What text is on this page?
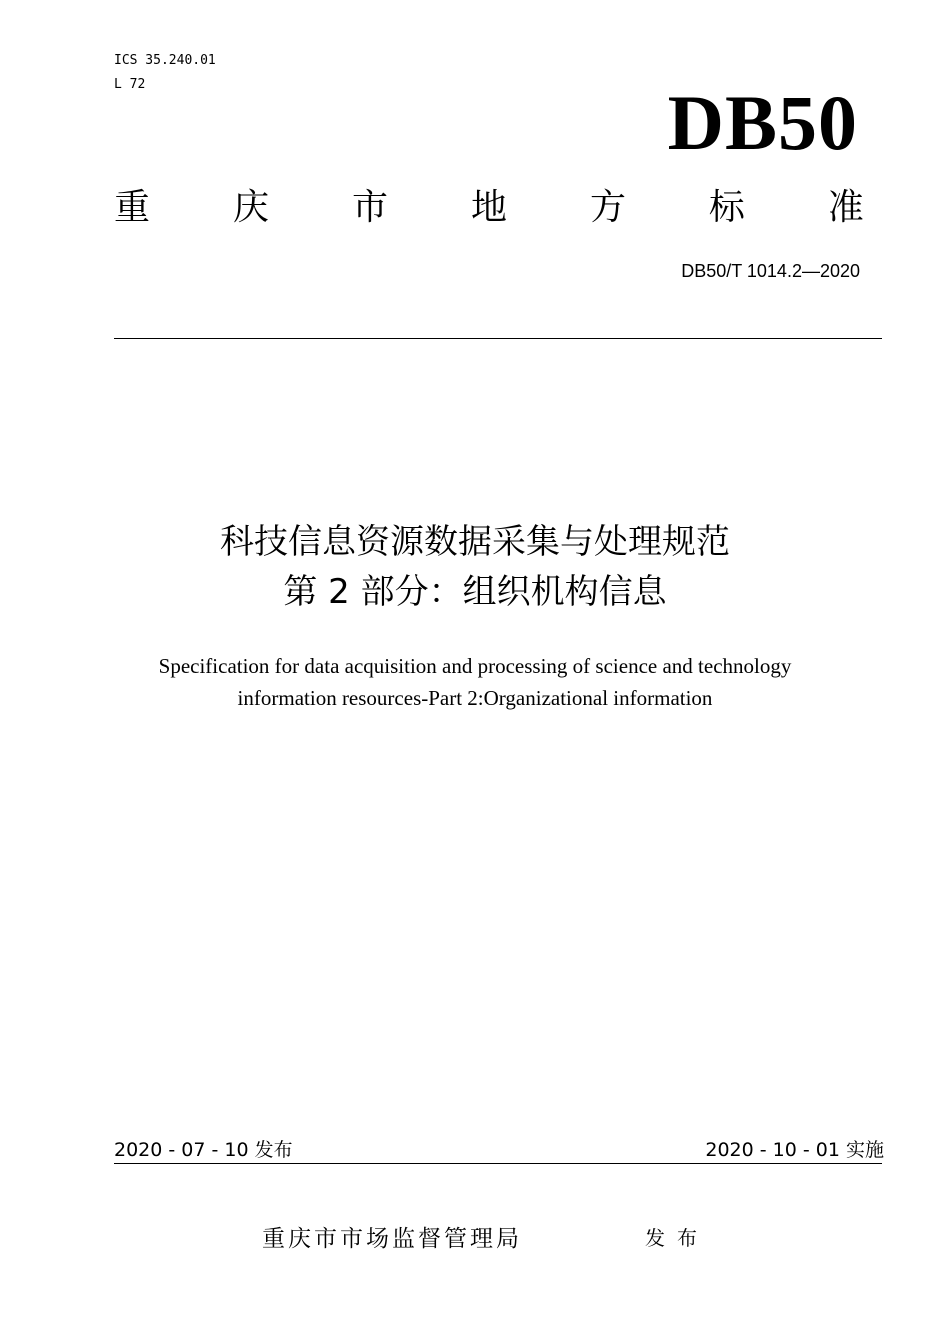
ICS 35.240.01
L 72	DB50
重 庆 市 地 方 标 准
DB50/T 1014.2—2020
科技信息资源数据采集与处理规范
第 2 部分：组织机构信息
Specification for data acquisition and processing of science and technology
information resources-Part 2:Organizational information
2020 - 07 - 10 发布	2020 - 10 - 01 实施
重庆市市场监督管理局	发布
